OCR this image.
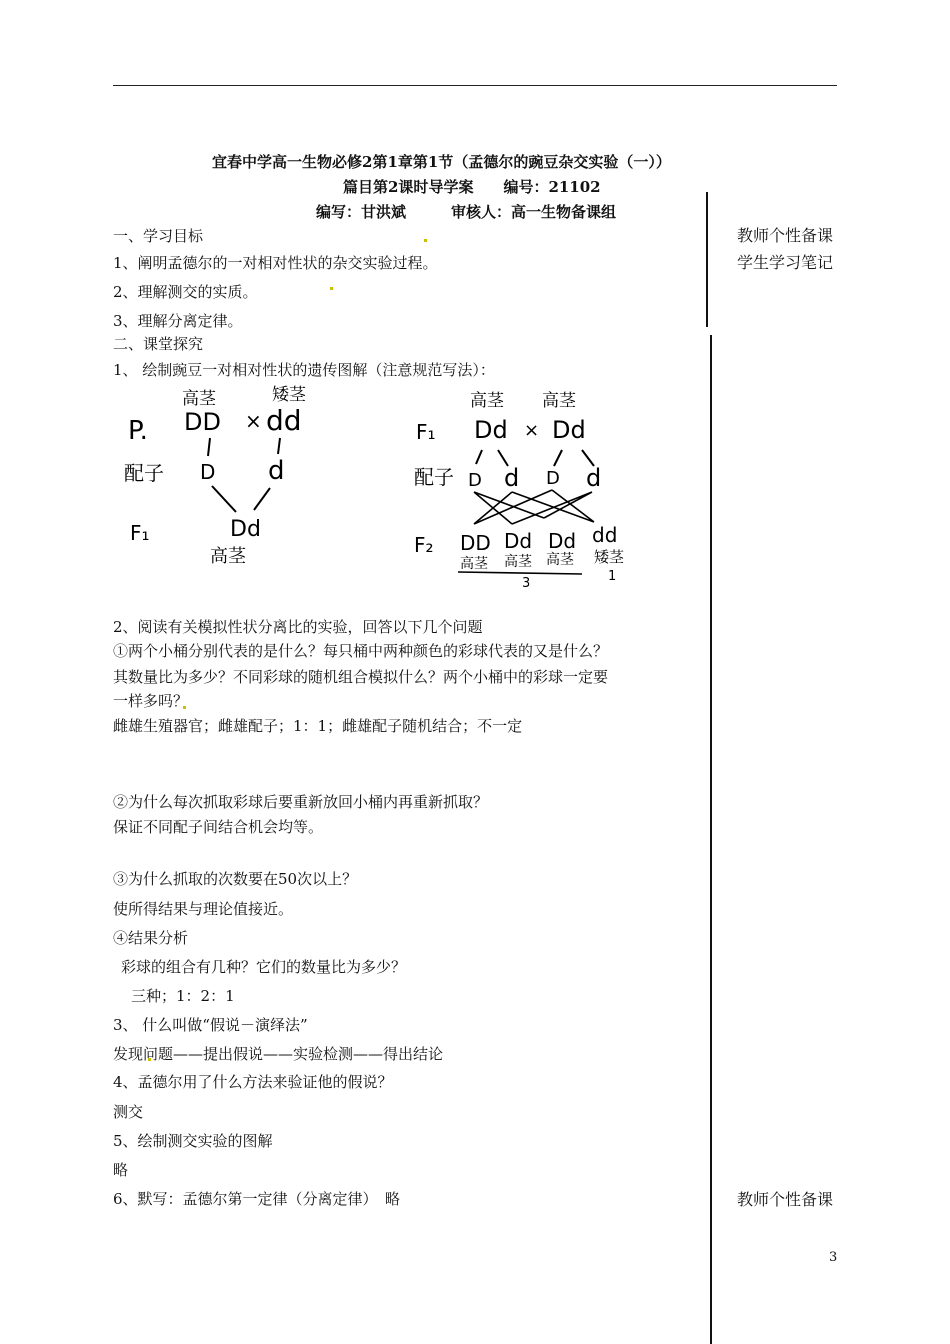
宜春中学高一生物必修2第1章第1节（孟德尔的豌豆杂交实验（一））
篇目第2课时导学案　　编号：21102
编写：甘洪斌　　　审核人：高一生物备课组
教师个性备课
学生学习笔记
教师个性备课
一、学习目标
1、阐明孟德尔的一对相对性状的杂交实验过程。
2、理解测交的实质。
3、理解分离定律。
二、课堂探究
1、 绘制豌豆一对相对性状的遗传图解（注意规范写法）：
P.
高茎	矮茎
DD × dd
配子 D d
F₁	Dd
高茎
高茎 高茎
F₁ Dd × Dd
配子 D d D d
F₂ DD Dd Dd dd
高茎 高茎 高茎 矮茎
3	1
2、阅读有关模拟性状分离比的实验，回答以下几个问题
①两个小桶分别代表的是什么？每只桶中两种颜色的彩球代表的又是什么？
其数量比为多少？不同彩球的随机组合模拟什么？两个小桶中的彩球一定要
一样多吗？
雌雄生殖器官；雌雄配子；1：1；雌雄配子随机结合；不一定
②为什么每次抓取彩球后要重新放回小桶内再重新抓取？
保证不同配子间结合机会均等。
③为什么抓取的次数要在50次以上？
使所得结果与理论值接近。
④结果分析
彩球的组合有几种？它们的数量比为多少？
三种；1：2：1
3、 什么叫做“假说－演绎法”
发现问题——提出假说——实验检测——得出结论
4、孟德尔用了什么方法来验证他的假说？
测交
5、绘制测交实验的图解
略
6、默写：孟德尔第一定律（分离定律）　略
3
